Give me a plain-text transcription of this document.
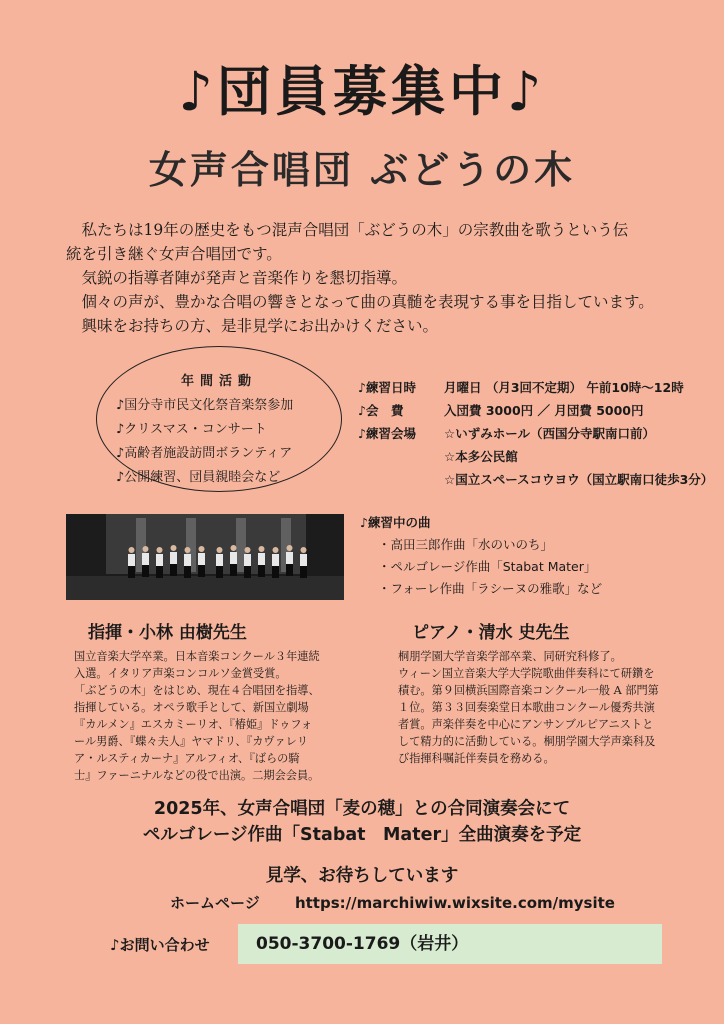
♪団員募集中♪
女声合唱団 ぶどうの木

　私たちは19年の歴史をもつ混声合唱団「ぶどうの木」の宗教曲を歌うという伝

統を引き継ぐ女声合唱団です。

　気鋭の指導者陣が発声と音楽作りを懇切指導。

　個々の声が、豊かな合唱の響きとなって曲の真髄を表現する事を目指しています。

　興味をお持ちの方、是非見学にお出かけください。

年間活動
♪国分寺市民文化祭音楽祭参加
♪クリスマス・コンサート
♪高齢者施設訪問ボランティア
♪公開練習、団員親睦会など
♪練習日時	月曜日 （月3回不定期） 午前10時～12時
♪会　費	入団費 3000円 ／ 月団費 5000円
♪練習会場	☆いずみホール（西国分寺駅南口前）
☆本多公民館
☆国立スペースコウヨウ（国立駅南口徒歩3分）
♪練習中の曲
・高田三郎作曲「水のいのち」
・ペルゴレージ作曲「Stabat Mater」
・フォーレ作曲「ラシーヌの雅歌」など
指揮・小林 由樹先生

国立音楽大学卒業。日本音楽コンクール３年連続

入選。イタリア声楽コンコルソ金賞受賞。

「ぶどうの木」をはじめ、現在４合唱団を指導、

指揮している。オペラ歌手として、新国立劇場

『カルメン』エスカミーリオ、『椿姫』ドゥフォ

ール男爵、『蝶々夫人』ヤマドリ、『カヴァレリ

ア・ルスティカーナ』アルフィオ、『ばらの騎

士』ファーニナルなどの役で出演。二期会会員。

ピアノ・清水 史先生

桐朋学園大学音楽学部卒業、同研究科修了。

ウィーン国立音楽大学大学院歌曲伴奏科にて研鑽を

積む。第９回横浜国際音楽コンクール一般 A 部門第

１位。第３３回奏楽堂日本歌曲コンクール優秀共演

者賞。声楽伴奏を中心にアンサンブルピアニストと

して精力的に活動している。桐朋学園大学声楽科及

び指揮科嘱託伴奏員を務める。

2025年、女声合唱団「麦の穂」との合同演奏会にて
ペルゴレージ作曲「Stabat　Mater」全曲演奏を予定
見学、お待ちしています
ホームページ https://marchiwiw.wixsite.com/mysite
♪お問い合わせ	050-3700-1769（岩井）
